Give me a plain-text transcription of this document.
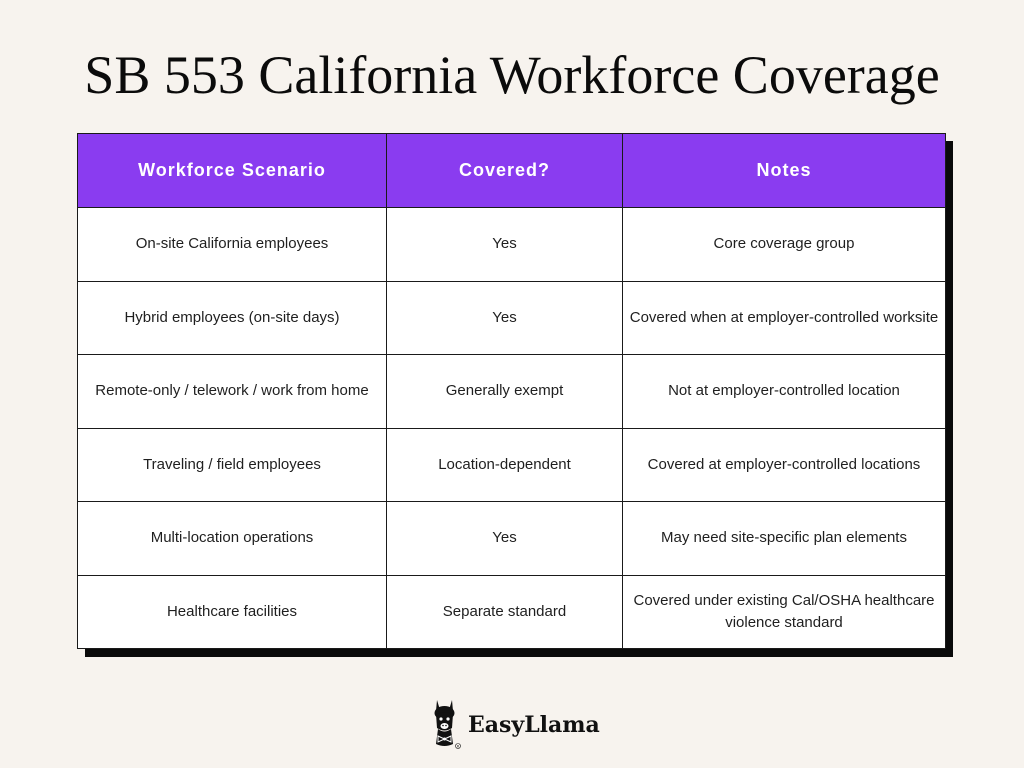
SB 553 California Workforce Coverage
Workforce Scenario	Covered?	Notes
On-site California employees	Yes	Core coverage group
Hybrid employees (on-site days)	Yes	Covered when at employer-controlled worksite
Remote-only / telework / work from home	Generally exempt	Not at employer-controlled location
Traveling / field employees	Location-dependent	Covered at employer-controlled locations
Multi-location operations	Yes	May need site-specific plan elements
Healthcare facilities	Separate standard	Covered under existing Cal/OSHA healthcare violence standard
R
EasyLlama
